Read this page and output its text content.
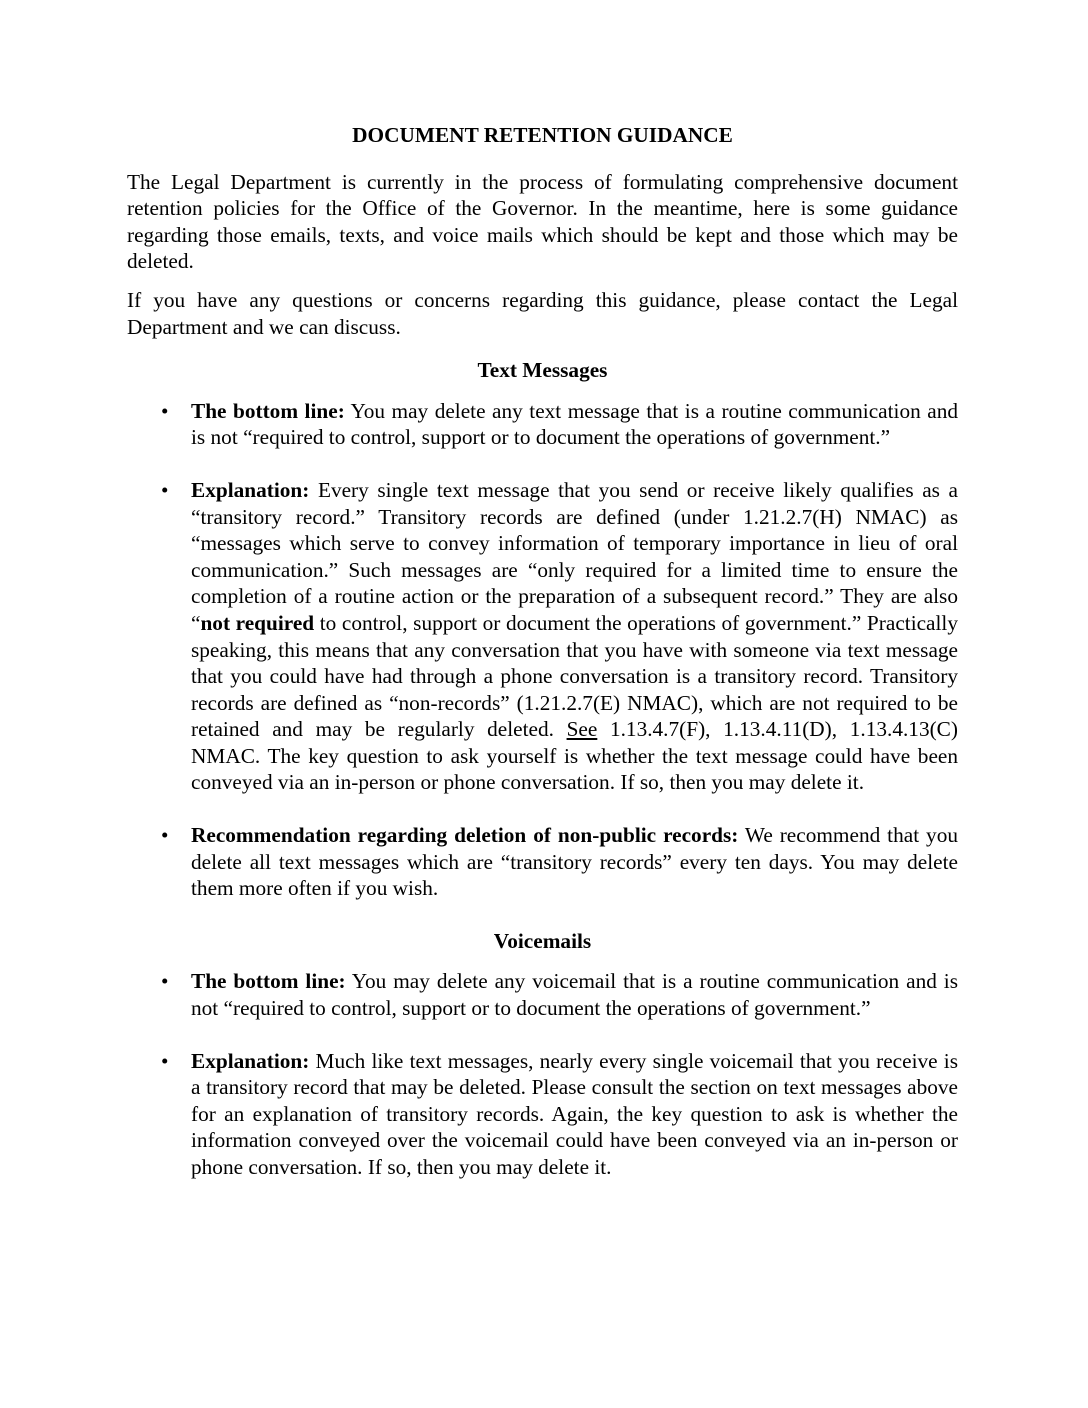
DOCUMENT RETENTION GUIDANCE

The Legal Department is currently in the process of formulating comprehensive document retention policies for the Office of the Governor. In the meantime, here is some guidance regarding those emails, texts, and voice mails which should be kept and those which may be deleted.

If you have any questions or concerns regarding this guidance, please contact the Legal Department and we can discuss.

Text Messages
• The bottom line: You may delete any text message that is a routine communication and is not “required to control, support or to document the operations of government.”
• Explanation: Every single text message that you send or receive likely qualifies as a “transitory record.” Transitory records are defined (under 1.21.2.7(H) NMAC) as “messages which serve to convey information of temporary importance in lieu of oral communication.” Such messages are “only required for a limited time to ensure the completion of a routine action or the preparation of a subsequent record.” They are also “not required to control, support or document the operations of government.” Practically speaking, this means that any conversation that you have with someone via text message that you could have had through a phone conversation is a transitory record. Transitory records are defined as “non-records” (1.21.2.7(E) NMAC), which are not required to be retained and may be regularly deleted. See 1.13.4.7(F), 1.13.4.11(D), 1.13.4.13(C) NMAC. The key question to ask yourself is whether the text message could have been conveyed via an in-person or phone conversation. If so, then you may delete it.
• Recommendation regarding deletion of non-public records: We recommend that you delete all text messages which are “transitory records” every ten days. You may delete them more often if you wish.
Voicemails
• The bottom line: You may delete any voicemail that is a routine communication and is not “required to control, support or to document the operations of government.”
• Explanation: Much like text messages, nearly every single voicemail that you receive is a transitory record that may be deleted. Please consult the section on text messages above for an explanation of transitory records. Again, the key question to ask is whether the information conveyed over the voicemail could have been conveyed via an in-person or phone conversation. If so, then you may delete it.
